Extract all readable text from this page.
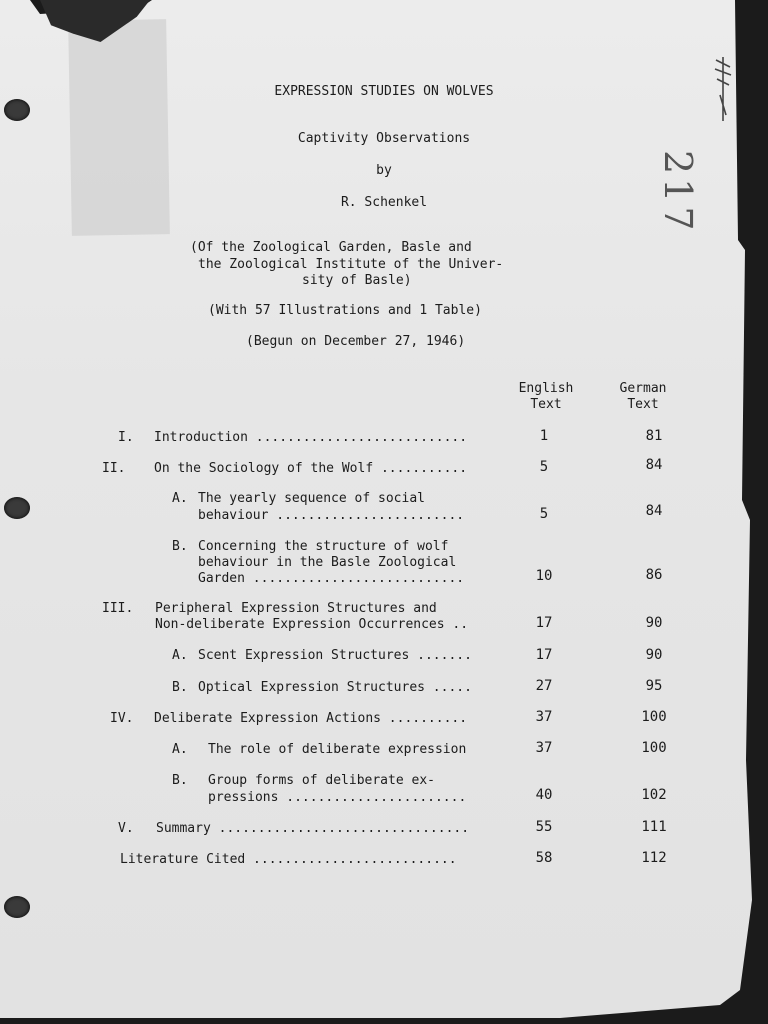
217
EXPRESSION STUDIES ON WOLVES
Captivity Observations
by
R. Schenkel
(Of the Zoological Garden, Basle and
the Zoological Institute of the Univer-
sity of Basle)
(With 57 Illustrations and 1 Table)
(Begun on December 27, 1946)
English
Text
German
Text
I. Introduction ...........................	1	81
II. On the Sociology of the Wolf ...........	5	84
A. The yearly sequence of social
behaviour ........................	5	84
B. Concerning the structure of wolf
behaviour in the Basle Zoological
Garden ...........................	10	86
III. Peripheral Expression Structures and
Non-deliberate Expression Occurrences ..	17	90
A. Scent Expression Structures .......	17	90
B. Optical Expression Structures .....	27	95
IV. Deliberate Expression Actions ..........	37	100
A. The role of deliberate expression	37	100
B. Group forms of deliberate ex-
pressions .......................	40	102
V. Summary ................................	55	111
Literature Cited ..........................	58	112
